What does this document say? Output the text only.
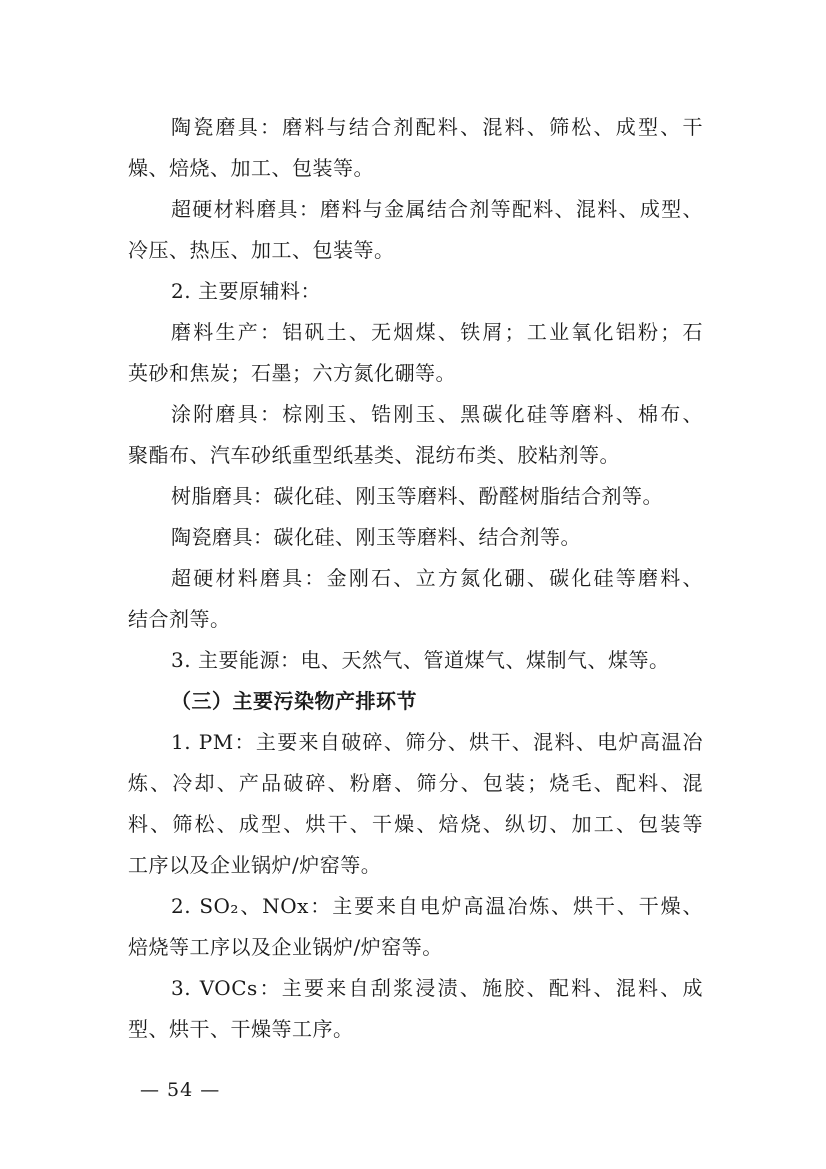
陶瓷磨具：磨料与结合剂配料、混料、筛松、成型、干
燥、焙烧、加工、包装等。
超硬材料磨具：磨料与金属结合剂等配料、混料、成型、
冷压、热压、加工、包装等。
2. 主要原辅料：
磨料生产：铝矾土、无烟煤、铁屑；工业氧化铝粉；石
英砂和焦炭；石墨；六方氮化硼等。
涂附磨具：棕刚玉、锆刚玉、黑碳化硅等磨料、棉布、
聚酯布、汽车砂纸重型纸基类、混纺布类、胶粘剂等。
树脂磨具：碳化硅、刚玉等磨料、酚醛树脂结合剂等。
陶瓷磨具：碳化硅、刚玉等磨料、结合剂等。
超硬材料磨具：金刚石、立方氮化硼、碳化硅等磨料、
结合剂等。
3. 主要能源：电、天然气、管道煤气、煤制气、煤等。
（三）主要污染物产排环节
1. PM：主要来自破碎、筛分、烘干、混料、电炉高温冶
炼、冷却、产品破碎、粉磨、筛分、包装；烧毛、配料、混
料、筛松、成型、烘干、干燥、焙烧、纵切、加工、包装等
工序以及企业锅炉/炉窑等。
2. SO₂、NOx：主要来自电炉高温冶炼、烘干、干燥、
焙烧等工序以及企业锅炉/炉窑等。
3. VOCs：主要来自刮浆浸渍、施胶、配料、混料、成
型、烘干、干燥等工序。
— 54 —
